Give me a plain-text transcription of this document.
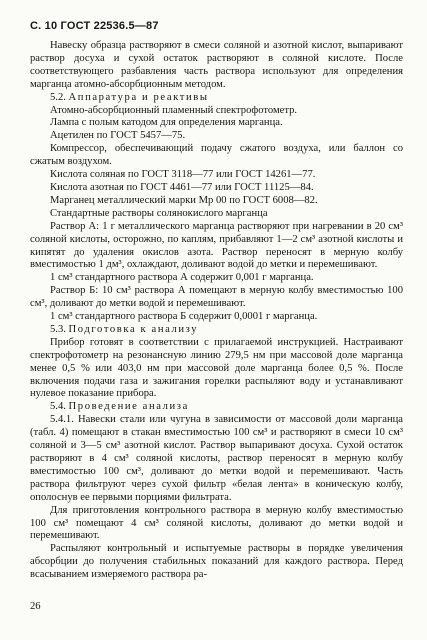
С. 10 ГОСТ 22536.5—87

Навеску образца растворяют в смеси соляной и азотной кислот, выпаривают раствор досуха и сухой остаток растворяют в соляной кислоте. После соответствующего разбавления часть раствора используют для определения марганца атомно-абсорбционным методом.

5.2. Аппаратура и реактивы

Атомно-абсорбционный пламенный спектрофотометр.

Лампа с полым катодом для определения марганца.

Ацетилен по ГОСТ 5457—75.

Компрессор, обеспечивающий подачу сжатого воздуха, или баллон со сжатым воздухом.

Кислота соляная по ГОСТ 3118—77 или ГОСТ 14261—77.

Кислота азотная по ГОСТ 4461—77 или ГОСТ 11125—84.

Марганец металлический марки Мр 00 по ГОСТ 6008—82.

Стандартные растворы солянокислого марганца

Раствор А: 1 г металлического марганца растворяют при нагревании в 20 см³ соляной кислоты, осторожно, по каплям, прибавляют 1—2 см³ азотной кислоты и кипятят до удаления окислов азота. Раствор переносят в мерную колбу вместимостью 1 дм³, охлаждают, доливают водой до метки и перемешивают.

1 см³ стандартного раствора А содержит 0,001 г марганца.

Раствор Б: 10 см³ раствора А помещают в мерную колбу вместимостью 100 см³, доливают до метки водой и перемешивают.

1 см³ стандартного раствора Б содержит 0,0001 г марганца.

5.3. Подготовка к анализу

Прибор готовят в соответствии с прилагаемой инструкцией. Настраивают спектрофотометр на резонансную линию 279,5 нм при массовой доле марганца менее 0,5 % или 403,0 нм при массовой доле марганца более 0,5 %. После включения подачи газа и зажигания горелки распыляют воду и устанавливают нулевое показание прибора.

5.4. Проведение анализа

5.4.1. Навески стали или чугуна в зависимости от массовой доли марганца (табл. 4) помещают в стакан вместимостью 100 см³ и растворяют в смеси 10 см³ соляной и 3—5 см³ азотной кислот. Раствор выпаривают досуха. Сухой остаток растворяют в 4 см³ соляной кислоты, раствор переносят в мерную колбу вместимостью 100 см³, доливают до метки водой и перемешивают. Часть раствора фильтруют через сухой фильтр «белая лента» в коническую колбу, ополоснув ее первыми порциями фильтрата.

Для приготовления контрольного раствора в мерную колбу вместимостью 100 см³ помещают 4 см³ соляной кислоты, доливают до метки водой и перемешивают.

Распыляют контрольный и испытуемые растворы в порядке увеличения абсорбции до получения стабильных показаний для каждого раствора. Перед всасыванием измеряемого раствора ра-

26
